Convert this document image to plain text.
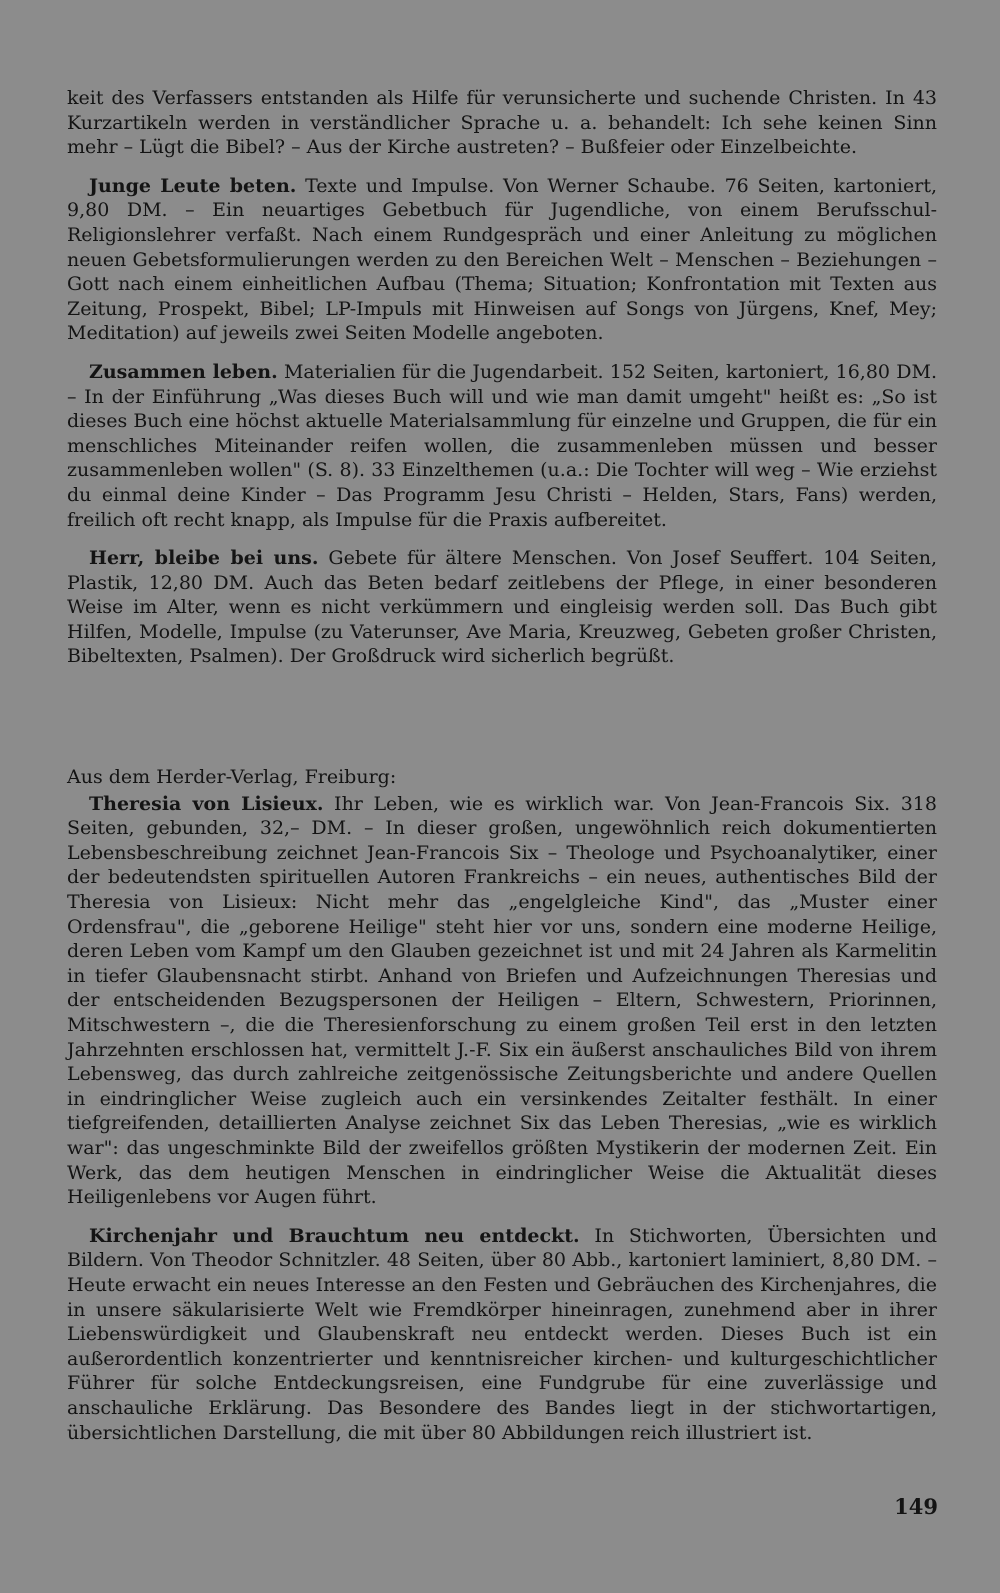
keit des Verfassers entstanden als Hilfe für verunsicherte und suchende Christen. In 43 Kurzartikeln werden in verständlicher Sprache u. a. behandelt: Ich sehe keinen Sinn mehr – Lügt die Bibel? – Aus der Kirche austreten? – Bußfeier oder Einzelbeichte.

Junge Leute beten. Texte und Impulse. Von Werner Schaube. 76 Seiten, kartoniert, 9,80 DM. – Ein neuartiges Gebetbuch für Jugendliche, von einem Berufsschul-Religionslehrer verfaßt. Nach einem Rundgespräch und einer Anleitung zu möglichen neuen Gebetsformulierungen werden zu den Bereichen Welt – Menschen – Beziehungen – Gott nach einem einheitlichen Aufbau (Thema; Situation; Konfrontation mit Texten aus Zeitung, Prospekt, Bibel; LP-Impuls mit Hinweisen auf Songs von Jürgens, Knef, Mey; Meditation) auf jeweils zwei Seiten Modelle angeboten.

Zusammen leben. Materialien für die Jugendarbeit. 152 Seiten, kartoniert, 16,80 DM. – In der Einführung „Was dieses Buch will und wie man damit umgeht" heißt es: „So ist dieses Buch eine höchst aktuelle Materialsammlung für einzelne und Gruppen, die für ein menschliches Miteinander reifen wollen, die zusammenleben müssen und besser zusammenleben wollen" (S. 8). 33 Einzelthemen (u.a.: Die Tochter will weg – Wie erziehst du einmal deine Kinder – Das Programm Jesu Christi – Helden, Stars, Fans) werden, freilich oft recht knapp, als Impulse für die Praxis aufbereitet.

Herr, bleibe bei uns. Gebete für ältere Menschen. Von Josef Seuffert. 104 Seiten, Plastik, 12,80 DM. Auch das Beten bedarf zeitlebens der Pflege, in einer besonderen Weise im Alter, wenn es nicht verkümmern und eingleisig werden soll. Das Buch gibt Hilfen, Modelle, Impulse (zu Vaterunser, Ave Maria, Kreuzweg, Gebeten großer Christen, Bibeltexten, Psalmen). Der Großdruck wird sicherlich begrüßt.

Aus dem Herder-Verlag, Freiburg:

Theresia von Lisieux. Ihr Leben, wie es wirklich war. Von Jean-Francois Six. 318 Seiten, gebunden, 32,– DM. – In dieser großen, ungewöhnlich reich dokumentierten Lebensbeschreibung zeichnet Jean-Francois Six – Theologe und Psychoanalytiker, einer der bedeutendsten spirituellen Autoren Frankreichs – ein neues, authentisches Bild der Theresia von Lisieux: Nicht mehr das „engelgleiche Kind", das „Muster einer Ordensfrau", die „geborene Heilige" steht hier vor uns, sondern eine moderne Heilige, deren Leben vom Kampf um den Glauben gezeichnet ist und mit 24 Jahren als Karmelitin in tiefer Glaubensnacht stirbt. Anhand von Briefen und Aufzeichnungen Theresias und der entscheidenden Bezugspersonen der Heiligen – Eltern, Schwestern, Priorinnen, Mitschwestern –, die die Theresienforschung zu einem großen Teil erst in den letzten Jahrzehnten erschlossen hat, vermittelt J.-F. Six ein äußerst anschauliches Bild von ihrem Lebensweg, das durch zahlreiche zeitgenössische Zeitungsberichte und andere Quellen in eindringlicher Weise zugleich auch ein versinkendes Zeitalter festhält. In einer tiefgreifenden, detaillierten Analyse zeichnet Six das Leben Theresias, „wie es wirklich war": das ungeschminkte Bild der zweifellos größten Mystikerin der modernen Zeit. Ein Werk, das dem heutigen Menschen in eindringlicher Weise die Aktualität dieses Heiligenlebens vor Augen führt.

Kirchenjahr und Brauchtum neu entdeckt. In Stichworten, Übersichten und Bildern. Von Theodor Schnitzler. 48 Seiten, über 80 Abb., kartoniert laminiert, 8,80 DM. – Heute erwacht ein neues Interesse an den Festen und Gebräuchen des Kirchenjahres, die in unsere säkularisierte Welt wie Fremdkörper hineinragen, zunehmend aber in ihrer Liebenswürdigkeit und Glaubenskraft neu entdeckt werden. Dieses Buch ist ein außerordentlich konzentrierter und kenntnisreicher kirchen- und kulturgeschichtlicher Führer für solche Entdeckungsreisen, eine Fundgrube für eine zuverlässige und anschauliche Erklärung. Das Besondere des Bandes liegt in der stichwortartigen, übersichtlichen Darstellung, die mit über 80 Abbildungen reich illustriert ist.

149
